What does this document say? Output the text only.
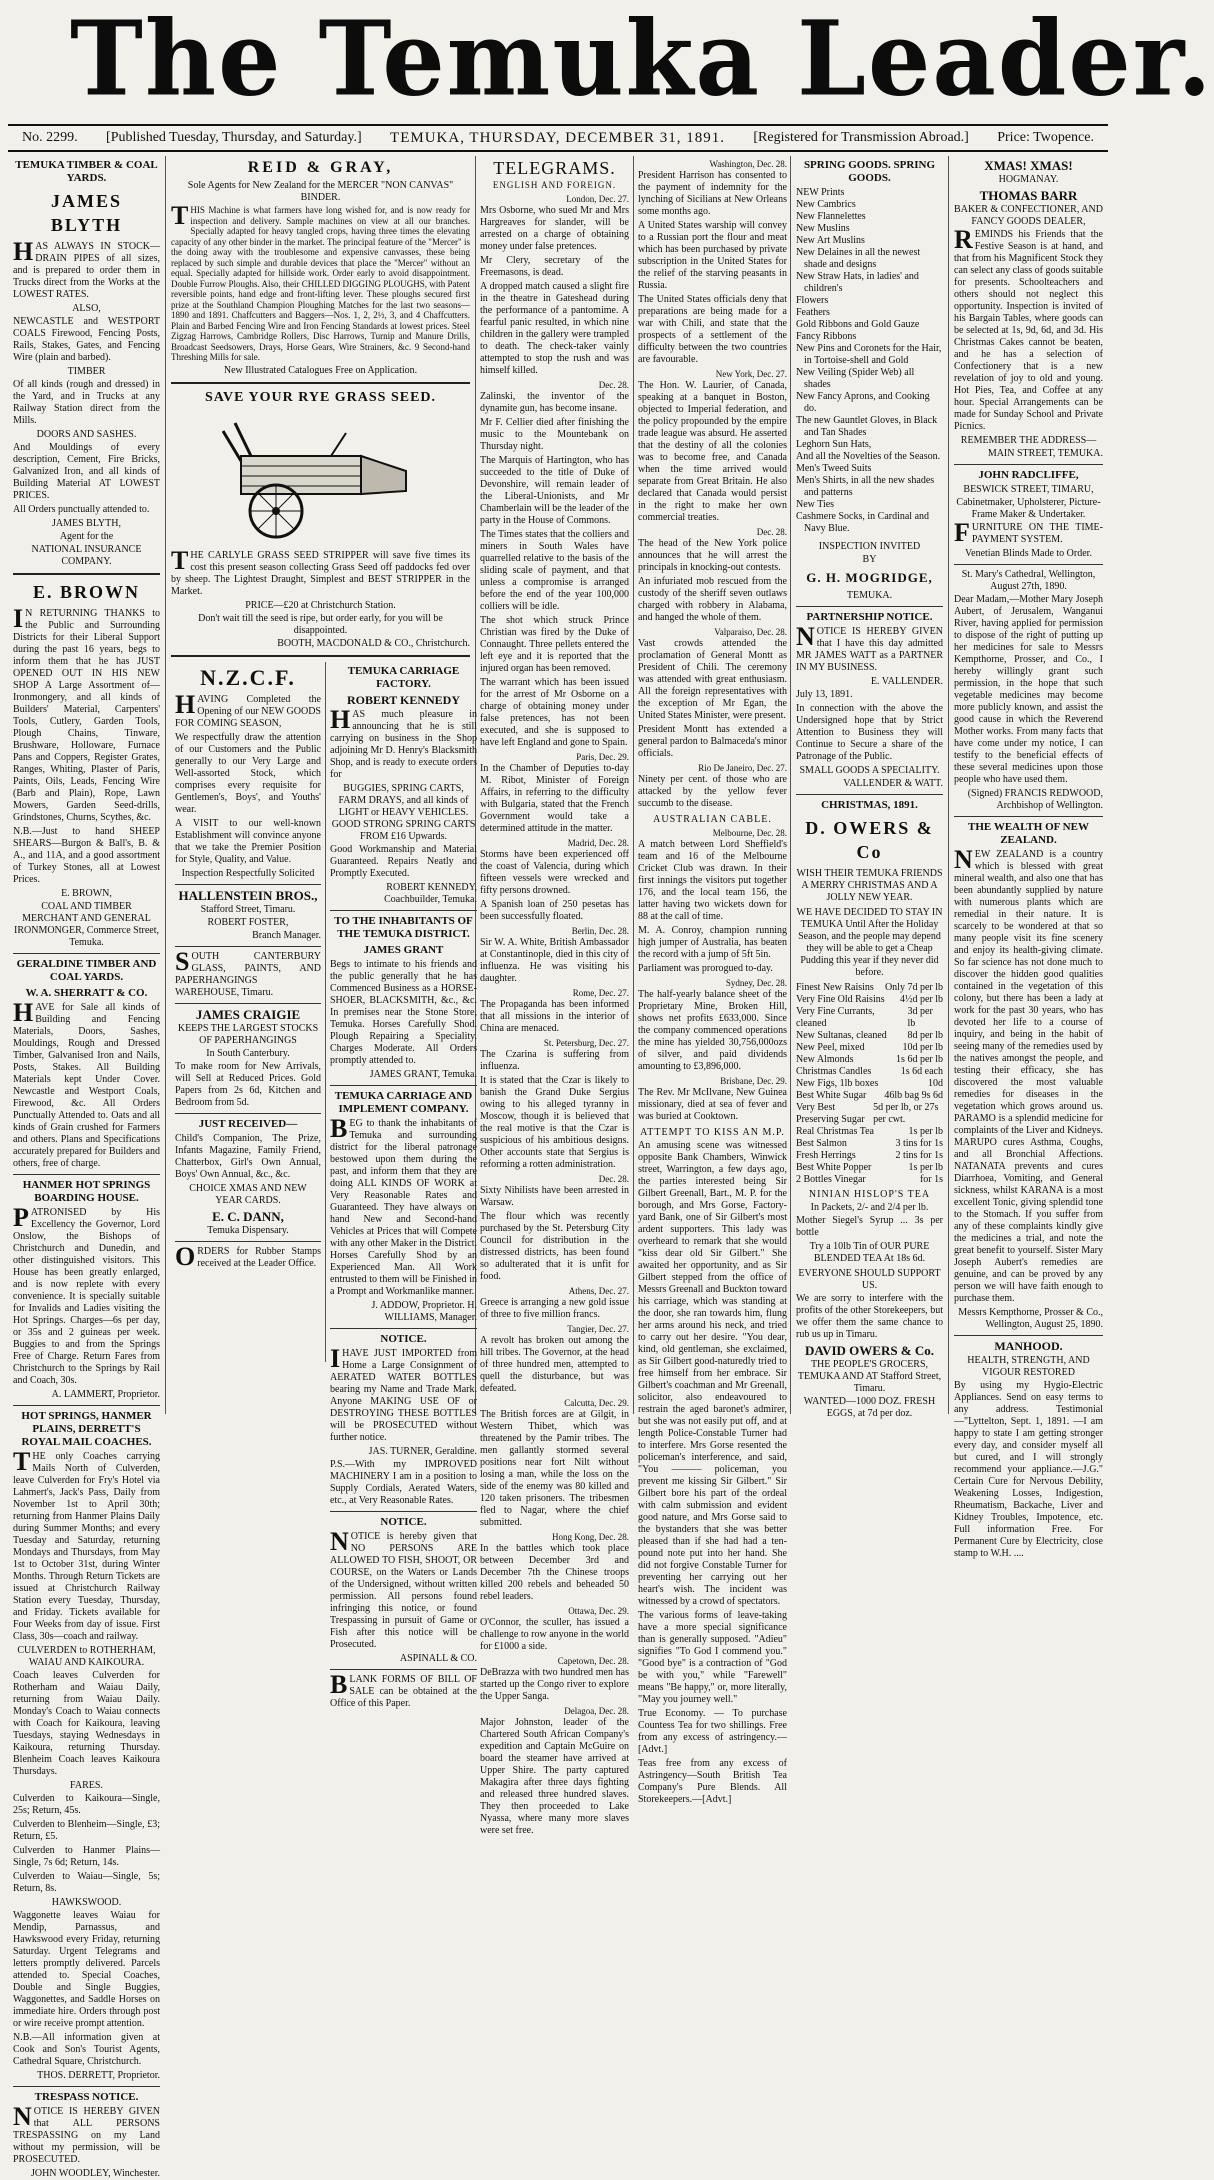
The Temuka Leader.
No. 2299. [Published Tuesday, Thursday, and Saturday.] TEMUKA, THURSDAY, DECEMBER 31, 1891. [Registered for Transmission Abroad.] Price: Twopence.
TEMUKA TIMBER & COAL YARDS.
JAMES BLYTH
HAS ALWAYS IN STOCK—DRAIN PIPES of all sizes, and is prepared to order them in Trucks direct from the Works at the LOWEST RATES.
ALSO,
NEWCASTLE and WESTPORT COALS Firewood, Fencing Posts, Rails, Stakes, Gates, and Fencing Wire (plain and barbed).
TIMBER
Of all kinds (rough and dressed) in the Yard, and in Trucks at any Railway Station direct from the Mills.
DOORS AND SASHES.
And Mouldings of every description, Cement, Fire Bricks, Galvanized Iron, and all kinds of Building Material AT LOWEST PRICES.
All Orders punctually attended to.
JAMES BLYTH,
Agent for the
NATIONAL INSURANCE COMPANY.
E. BROWN
IN RETURNING THANKS to the Public and Surrounding Districts for their Liberal Support during the past 16 years, begs to inform them that he has JUST OPENED OUT IN HIS NEW SHOP A Large Assortment of—Ironmongery, and all kinds of Builders' Material, Carpenters' Tools, Cutlery, Garden Tools, Plough Chains, Tinware, Brushware, Holloware, Furnace Pans and Coppers, Register Grates, Ranges, Whiting, Plaster of Paris, Paints, Oils, Leads, Fencing Wire (Barb and Plain), Rope, Lawn Mowers, Garden Seed-drills, Grindstones, Churns, Scythes, &c.
N.B.—Just to hand SHEEP SHEARS—Burgon & Ball's, B. & A., and 11A, and a good assortment of Turkey Stones, all at Lowest Prices.
E. BROWN,
COAL AND TIMBER MERCHANT AND GENERAL IRONMONGER, Commerce Street, Temuka.
GERALDINE TIMBER AND COAL YARDS.
W. A. SHERRATT & CO.
HAVE for Sale all kinds of Building and Fencing Materials, Doors, Sashes, Mouldings, Rough and Dressed Timber, Galvanised Iron and Nails, Posts, Stakes. All Building Materials kept Under Cover. Newcastle and Westport Coals, Firewood, &c. All Orders Punctually Attended to. Oats and all kinds of Grain crushed for Farmers and others. Plans and Specifications accurately prepared for Builders and others, free of charge.
HANMER HOT SPRINGS BOARDING HOUSE.
PATRONISED by His Excellency the Governor, Lord Onslow, the Bishops of Christchurch and Dunedin, and other distinguished visitors. This House has been greatly enlarged, and is now replete with every convenience. It is specially suitable for Invalids and Ladies visiting the Hot Springs. Charges—6s per day, or 35s and 2 guineas per week. Buggies to and from the Springs Free of Charge. Return Fares from Christchurch to the Springs by Rail and Coach, 30s.
A. LAMMERT, Proprietor.
HOT SPRINGS, HANMER PLAINS, DERRETT'S ROYAL MAIL COACHES.
THE only Coaches carrying Mails North of Culverden, leave Culverden for Fry's Hotel via Lahmert's, Jack's Pass, Daily from November 1st to April 30th; returning from Hanmer Plains Daily during Summer Months; and every Tuesday and Saturday, returning Mondays and Thursdays, from May 1st to October 31st, during Winter Months. Through Return Tickets are issued at Christchurch Railway Station every Tuesday, Thursday, and Friday. Tickets available for Four Weeks from day of issue. First Class, 30s—coach and railway.
CULVERDEN to ROTHERHAM, WAIAU AND KAIKOURA.
Coach leaves Culverden for Rotherham and Waiau Daily, returning from Waiau Daily. Monday's Coach to Waiau connects with Coach for Kaikoura, leaving Tuesdays, staying Wednesdays in Kaikoura, returning Thursday. Blenheim Coach leaves Kaikoura Thursdays.
FARES.
Culverden to Kaikoura—Single, 25s; Return, 45s.
Culverden to Blenheim—Single, £3; Return, £5.
Culverden to Hanmer Plains—Single, 7s 6d; Return, 14s.
Culverden to Waiau—Single, 5s; Return, 8s.
HAWKSWOOD.
Waggonette leaves Waiau for Mendip, Parnassus, and Hawkswood every Friday, returning Saturday. Urgent Telegrams and letters promptly delivered. Parcels attended to. Special Coaches, Double and Single Buggies, Waggonettes, and Saddle Horses on immediate hire. Orders through post or wire receive prompt attention.
N.B.—All information given at Cook and Son's Tourist Agents, Cathedral Square, Christchurch.
THOS. DERRETT, Proprietor.
TRESPASS NOTICE.
NOTICE IS HEREBY GIVEN that ALL PERSONS TRESPASSING on my Land without my permission, will be PROSECUTED.
JOHN WOODLEY, Winchester.
REID & GRAY,
Sole Agents for New Zealand for the MERCER "NON CANVAS" BINDER.
THIS Machine is what farmers have long wished for, and is now ready for inspection and delivery. Sample machines on view at all our branches. Specially adapted for heavy tangled crops, having three times the elevating capacity of any other binder in the market. The principal feature of the "Mercer" is the doing away with the troublesome and expensive canvasses, these being replaced by such simple and durable devices that place the "Mercer" without an equal. Specially adapted for hillside work. Order early to avoid disappointment. Double Furrow Ploughs. Also, their CHILLED DIGGING PLOUGHS, with Patent reversible points, hand edge and front-lifting lever. These ploughs secured first prize at the Southland Champion Ploughing Matches for the last two seasons—1890 and 1891. Chaffcutters and Baggers—Nos. 1, 2, 2½, 3, and 4 Chaffcutters. Plain and Barbed Fencing Wire and Iron Fencing Standards at lowest prices. Steel Zigzag Harrows, Cambridge Rollers, Disc Harrows, Turnip and Manure Drills, Broadcast Seedsowers, Drays, Horse Gears, Wire Strainers, &c. 9 Second-hand Threshing Mills for sale.
New Illustrated Catalogues Free on Application.
SAVE YOUR RYE GRASS SEED.
THE CARLYLE GRASS SEED STRIPPER will save five times its cost this present season collecting Grass Seed off paddocks fed over by sheep. The Lightest Draught, Simplest and BEST STRIPPER in the Market.
PRICE—£20 at Christchurch Station.
Don't wait till the seed is ripe, but order early, for you will be disappointed.
BOOTH, MACDONALD & CO., Christchurch.
N.Z.C.F.
HAVING Completed the Opening of our NEW GOODS FOR COMING SEASON,
We respectfully draw the attention of our Customers and the Public generally to our Very Large and Well-assorted Stock, which comprises every requisite for Gentlemen's, Boys', and Youths' wear.
A VISIT to our well-known Establishment will convince anyone that we take the Premier Position for Style, Quality, and Value.
Inspection Respectfully Solicited
HALLENSTEIN BROS.,
Stafford Street, Timaru.
ROBERT FOSTER,
Branch Manager.
SOUTH CANTERBURY GLASS, PAINTS, AND PAPERHANGINGS WAREHOUSE, Timaru.
JAMES CRAIGIE
KEEPS THE LARGEST STOCKS OF PAPERHANGINGS
In South Canterbury.
To make room for New Arrivals, will Sell at Reduced Prices. Gold Papers from 2s 6d, Kitchen and Bedroom from 5d.
JUST RECEIVED—
Child's Companion, The Prize, Infants Magazine, Family Friend, Chatterbox, Girl's Own Annual, Boys' Own Annual, &c., &c.
CHOICE XMAS AND NEW YEAR CARDS.
E. C. DANN,
Temuka Dispensary.
ORDERS for Rubber Stamps received at the Leader Office.
TEMUKA CARRIAGE FACTORY.
ROBERT KENNEDY
HAS much pleasure in announcing that he is still carrying on business in the Shop adjoining Mr D. Henry's Blacksmith Shop, and is ready to execute orders for
BUGGIES, SPRING CARTS, FARM DRAYS, and all kinds of LIGHT or HEAVY VEHICLES. GOOD STRONG SPRING CARTS FROM £16 Upwards.
Good Workmanship and Material Guaranteed. Repairs Neatly and Promptly Executed.
ROBERT KENNEDY, Coachbuilder, Temuka.
TO THE INHABITANTS OF THE TEMUKA DISTRICT.
JAMES GRANT
Begs to intimate to his friends and the public generally that he has Commenced Business as a HORSE-SHOER, BLACKSMITH, &c., &c. In premises near the Stone Store, Temuka. Horses Carefully Shod. Plough Repairing a Speciality. Charges Moderate. All Orders promptly attended to.
JAMES GRANT, Temuka.
TEMUKA CARRIAGE AND IMPLEMENT COMPANY.
BEG to thank the inhabitants of Temuka and surrounding district for the liberal patronage bestowed upon them during the past, and inform them that they are doing ALL KINDS OF WORK at Very Reasonable Rates and Guaranteed. They have always on hand New and Second-hand Vehicles at Prices that will Compete with any other Maker in the District. Horses Carefully Shod by an Experienced Man. All Work entrusted to them will be Finished in a Prompt and Workmanlike manner.
J. ADDOW, Proprietor. H. WILLIAMS, Manager.
NOTICE.
IHAVE JUST IMPORTED from Home a Large Consignment of AERATED WATER BOTTLES bearing my Name and Trade Mark. Anyone MAKING USE OF or DESTROYING THESE BOTTLES will be PROSECUTED without further notice.
JAS. TURNER, Geraldine.
P.S.—With my IMPROVED MACHINERY I am in a position to Supply Cordials, Aerated Waters, etc., at Very Reasonable Rates.
NOTICE.
NOTICE is hereby given that NO PERSONS ARE ALLOWED TO FISH, SHOOT, OR COURSE, on the Waters or Lands of the Undersigned, without written permission. All persons found infringing this notice, or found Trespassing in pursuit of Game or Fish after this notice will be Prosecuted.
ASPINALL & CO.
BLANK FORMS OF BILL OF SALE can be obtained at the Office of this Paper.
TELEGRAMS.
ENGLISH AND FOREIGN.
London, Dec. 27.
Mrs Osborne, who sued Mr and Mrs Hargreaves for slander, will be arrested on a charge of obtaining money under false pretences.
Mr Clery, secretary of the Freemasons, is dead.
A dropped match caused a slight fire in the theatre in Gateshead during the performance of a pantomime. A fearful panic resulted, in which nine children in the gallery were trampled to death. The check-taker vainly attempted to stop the rush and was himself killed.
Dec. 28.
Zalinski, the inventor of the dynamite gun, has become insane.
Mr F. Cellier died after finishing the music to the Mountebank on Thursday night.
The Marquis of Hartington, who has succeeded to the title of Duke of Devonshire, will remain leader of the Liberal-Unionists, and Mr Chamberlain will be the leader of the party in the House of Commons.
The Times states that the colliers and miners in South Wales have quarrelled relative to the basis of the sliding scale of payment, and that unless a compromise is arranged before the end of the year 100,000 colliers will be idle.
The shot which struck Prince Christian was fired by the Duke of Connaught. Three pellets entered the left eye and it is reported that the injured organ has been removed.
The warrant which has been issued for the arrest of Mr Osborne on a charge of obtaining money under false pretences, has not been executed, and she is supposed to have left England and gone to Spain.
Paris, Dec. 29.
In the Chamber of Deputies to-day M. Ribot, Minister of Foreign Affairs, in referring to the difficulty with Bulgaria, stated that the French Government would take a determined attitude in the matter.
Madrid, Dec. 28.
Storms have been experienced off the coast of Valencia, during which fifteen vessels were wrecked and fifty persons drowned.
A Spanish loan of 250 pesetas has been successfully floated.
Berlin, Dec. 28.
Sir W. A. White, British Ambassador at Constantinople, died in this city of influenza. He was visiting his daughter.
Rome, Dec. 27.
The Propaganda has been informed that all missions in the interior of China are menaced.
St. Petersburg, Dec. 27.
The Czarina is suffering from influenza.
It is stated that the Czar is likely to banish the Grand Duke Sergius owing to his alleged tyranny in Moscow, though it is believed that the real motive is that the Czar is suspicious of his ambitious designs. Other accounts state that Sergius is reforming a rotten administration.
Dec. 28.
Sixty Nihilists have been arrested in Warsaw.
The flour which was recently purchased by the St. Petersburg City Council for distribution in the distressed districts, has been found so adulterated that it is unfit for food.
Athens, Dec. 27.
Greece is arranging a new gold issue of three to five million francs.
Tangier, Dec. 27.
A revolt has broken out among the hill tribes. The Governor, at the head of three hundred men, attempted to quell the disturbance, but was defeated.
Calcutta, Dec. 29.
The British forces are at Gilgit, in Western Thibet, which was threatened by the Pamir tribes. The men gallantly stormed several positions near fort Nilt without losing a man, while the loss on the side of the enemy was 80 killed and 120 taken prisoners. The tribesmen fled to Nagar, where the chief submitted.
Hong Kong, Dec. 28.
In the battles which took place between December 3rd and December 7th the Chinese troops killed 200 rebels and beheaded 50 rebel leaders.
Ottawa, Dec. 29.
O'Connor, the sculler, has issued a challenge to row anyone in the world for £1000 a side.
Capetown, Dec. 28.
DeBrazza with two hundred men has started up the Congo river to explore the Upper Sanga.
Delagoa, Dec. 28.
Major Johnston, leader of the Chartered South African Company's expedition and Captain McGuire on board the steamer have arrived at Upper Shire. The party captured Makagira after three days fighting and released three hundred slaves. They then proceeded to Lake Nyassa, where many more slaves were set free.
Washington, Dec. 28.
President Harrison has consented to the payment of indemnity for the lynching of Sicilians at New Orleans some months ago.
A United States warship will convey to a Russian port the flour and meat which has been purchased by private subscription in the United States for the relief of the starving peasants in Russia.
The United States officials deny that preparations are being made for a war with Chili, and state that the prospects of a settlement of the difficulty between the two countries are favourable.
New York, Dec. 27.
The Hon. W. Laurier, of Canada, speaking at a banquet in Boston, objected to Imperial federation, and the policy propounded by the empire trade league was absurd. He asserted that the destiny of all the colonies was to become free, and Canada when the time arrived would separate from Great Britain. He also declared that Canada would persist in the right to make her own commercial treaties.
Dec. 28.
The head of the New York police announces that he will arrest the principals in knocking-out contests.
An infuriated mob rescued from the custody of the sheriff seven outlaws charged with robbery in Alabama, and hanged the whole of them.
Valparaiso, Dec. 28.
Vast crowds attended the proclamation of General Montt as President of Chili. The ceremony was attended with great enthusiasm. All the foreign representatives with the exception of Mr Egan, the United States Minister, were present.
President Montt has extended a general pardon to Balmaceda's minor officials.
Rio De Janeiro, Dec. 27.
Ninety per cent. of those who are attacked by the yellow fever succumb to the disease.
AUSTRALIAN CABLE.
Melbourne, Dec. 28.
A match between Lord Sheffield's team and 16 of the Melbourne Cricket Club was drawn. In their first innings the visitors put together 176, and the local team 156, the latter having two wickets down for 88 at the call of time.
M. A. Conroy, champion running high jumper of Australia, has beaten the record with a jump of 5ft 5in.
Parliament was prorogued to-day.
Sydney, Dec. 28.
The half-yearly balance sheet of the Proprietary Mine, Broken Hill, shows net profits £633,000. Since the company commenced operations the mine has yielded 30,756,000ozs of silver, and paid dividends amounting to £3,896,000.
Brisbane, Dec. 29.
The Rev. Mr McIlvane, New Guinea missionary, died at sea of fever and was buried at Cooktown.
ATTEMPT TO KISS AN M.P.
An amusing scene was witnessed opposite Bank Chambers, Winwick street, Warrington, a few days ago, the parties interested being Sir Gilbert Greenall, Bart., M. P. for the borough, and Mrs Gorse, Factory-yard Bank, one of Sir Gilbert's most ardent supporters. This lady was overheard to remark that she would "kiss dear old Sir Gilbert." She awaited her opportunity, and as Sir Gilbert stepped from the office of Messrs Greenall and Buckton toward his carriage, which was standing at the door, she ran towards him, flung her arms around his neck, and tried to carry out her desire. "You dear, kind, old gentleman, she exclaimed, as Sir Gilbert good-naturedly tried to free himself from her embrace. Sir Gilbert's coachman and Mr Greenall, solicitor, also endeavoured to restrain the aged baronet's admirer, but she was not easily put off, and at length Police-Constable Turner had to interfere. Mrs Gorse resented the policeman's interference, and said, "You ——— policeman, you prevent me kissing Sir Gilbert." Sir Gilbert bore his part of the ordeal with calm submission and evident good nature, and Mrs Gorse said to the bystanders that she was better pleased than if she had had a ten-pound note put into her hand. She did not forgive Constable Turner for preventing her carrying out her heart's wish. The incident was witnessed by a crowd of spectators.
The various forms of leave-taking have a more special significance than is generally supposed. "Adieu" signifies "To God I commend you." "Good bye" is a contraction of "God be with you," while "Farewell" means "Be happy," or, more literally, "May you journey well."
True Economy. — To purchase Countess Tea for two shillings. Free from any excess of astringency.—[Advt.]
Teas free from any excess of Astringency—South British Tea Company's Pure Blends. All Storekeepers.—[Advt.]
SPRING GOODS. SPRING GOODS.
NEW Prints
New Cambrics
New Flannelettes
New Muslins
New Art Muslins
New Delaines in all the newest shade and designs
New Straw Hats, in ladies' and children's
Flowers
Feathers
Gold Ribbons and Gold Gauze
Fancy Ribbons
New Pins and Coronets for the Hair, in Tortoise-shell and Gold
New Veiling (Spider Web) all shades
New Fancy Aprons, and Cooking do.
The new Gauntlet Gloves, in Black and Tan Shades
Leghorn Sun Hats,
And all the Novelties of the Season.
Men's Tweed Suits
Men's Shirts, in all the new shades and patterns
New Ties
Cashmere Socks, in Cardinal and Navy Blue.
INSPECTION INVITED
BY
G. H. MOGRIDGE,
TEMUKA.
PARTNERSHIP NOTICE.
NOTICE IS HEREBY GIVEN that I have this day admitted MR JAMES WATT as a PARTNER IN MY BUSINESS.
E. VALLENDER.
July 13, 1891.
In connection with the above the Undersigned hope that by Strict Attention to Business they will Continue to Secure a share of the Patronage of the Public.
SMALL GOODS A SPECIALITY.
VALLENDER & WATT.
CHRISTMAS, 1891.
D. OWERS & Co
WISH THEIR TEMUKA FRIENDS A MERRY CHRISTMAS AND A JOLLY NEW YEAR.
WE HAVE DECIDED TO STAY IN TEMUKA Until After the Holiday Season, and the people may depend they will be able to get a Cheap Pudding this year if they never did before.
Finest New Raisins Only 7d per lb
Very Fine Old Raisins 4½d per lb
Very Fine Currants, cleaned
3d per lb
New Sultanas, cleaned 8d per lb
New Peel, mixed	10d per lb
New Almonds	1s 6d per lb
Christmas Candles	1s 6d each
New Figs, 1lb boxes	10d
Best White Sugar 46lb bag 9s 6d
Very Best Preserving Sugar
5d per lb, or 27s per cwt.
Real Christmas Tea	1s per lb
Best Salmon	3 tins for 1s
Fresh Herrings	2 tins for 1s
Best White Popper	1s per lb
2 Bottles Vinegar	for 1s
NINIAN HISLOP'S TEA
In Packets, 2/- and 2/4 per lb.
Mother Siegel's Syrup ... 3s per bottle
Try a 10lb Tin of OUR PURE BLENDED TEA At 18s 6d.
EVERYONE SHOULD SUPPORT US.
We are sorry to interfere with the profits of the other Storekeepers, but we offer them the same chance to rub us up in Timaru.
DAVID OWERS & Co.
THE PEOPLE'S GROCERS, TEMUKA AND AT Stafford Street, Timaru.
WANTED—1000 DOZ. FRESH EGGS, at 7d per doz.
XMAS! XMAS!
HOGMANAY.
THOMAS BARR
BAKER & CONFECTIONER, AND FANCY GOODS DEALER,
REMINDS his Friends that the Festive Season is at hand, and that from his Magnificent Stock they can select any class of goods suitable for presents. Schoolteachers and others should not neglect this opportunity. Inspection is invited of his Bargain Tables, where goods can be selected at 1s, 9d, 6d, and 3d. His Christmas Cakes cannot be beaten, and he has a selection of Confectionery that is a new revelation of joy to old and young. Hot Pies, Tea, and Coffee at any hour. Special Arrangements can be made for Sunday School and Private Picnics.
REMEMBER THE ADDRESS—
MAIN STREET, TEMUKA.
JOHN RADCLIFFE,
BESWICK STREET, TIMARU,
Cabinetmaker, Upholsterer, Picture-Frame Maker & Undertaker.
FURNITURE ON THE TIME-PAYMENT SYSTEM.
Venetian Blinds Made to Order.
St. Mary's Cathedral, Wellington, August 27th, 1890.
Dear Madam,—Mother Mary Joseph Aubert, of Jerusalem, Wanganui River, having applied for permission to dispose of the right of putting up her medicines for sale to Messrs Kempthorne, Prosser, and Co., I hereby willingly grant such permission, in the hope that such vegetable medicines may become more publicly known, and assist the good cause in which the Reverend Mother works. From many facts that have come under my notice, I can testify to the beneficial effects of these several medicines upon those people who have used them.
(Signed) FRANCIS REDWOOD, Archbishop of Wellington.
THE WEALTH OF NEW ZEALAND.
NEW ZEALAND is a country which is blessed with great mineral wealth, and also one that has been abundantly supplied by nature with numerous plants which are remedial in their nature. It is scarcely to be wondered at that so many people visit its fine scenery and enjoy its health-giving climate. So far science has not done much to discover the hidden good qualities contained in the vegetation of this colony, but there has been a lady at work for the past 30 years, who has devoted her life to a course of inquiry, and being in the habit of seeing many of the remedies used by the natives amongst the people, and testing their efficacy, she has discovered the most valuable remedies for diseases in the vegetation which grows around us. PARAMO is a splendid medicine for complaints of the Liver and Kidneys. MARUPO cures Asthma, Coughs, and all Bronchial Affections. NATANATA prevents and cures Diarrhoea, Vomiting, and General sickness, whilst KARANA is a most excellent Tonic, giving splendid tone to the Stomach. If you suffer from any of these complaints kindly give the medicines a trial, and note the great benefit to yourself. Sister Mary Joseph Aubert's remedies are genuine, and can be proved by any person we will have faith enough to purchase them.
Messrs Kempthorne, Prosser & Co., Wellington, August 25, 1890.
MANHOOD.
HEALTH, STRENGTH, AND VIGOUR RESTORED
By using my Hygio-Electric Appliances. Send on easy terms to any address. Testimonial—"Lyttelton, Sept. 1, 1891. —I am happy to state I am getting stronger every day, and consider myself all but cured, and I will strongly recommend your appliance.—J.G." Certain Cure for Nervous Debility, Weakening Losses, Indigestion, Rheumatism, Backache, Liver and Kidney Troubles, Impotence, etc. Full information Free. For Permanent Cure by Electricity, close stamp to W.H. ....
